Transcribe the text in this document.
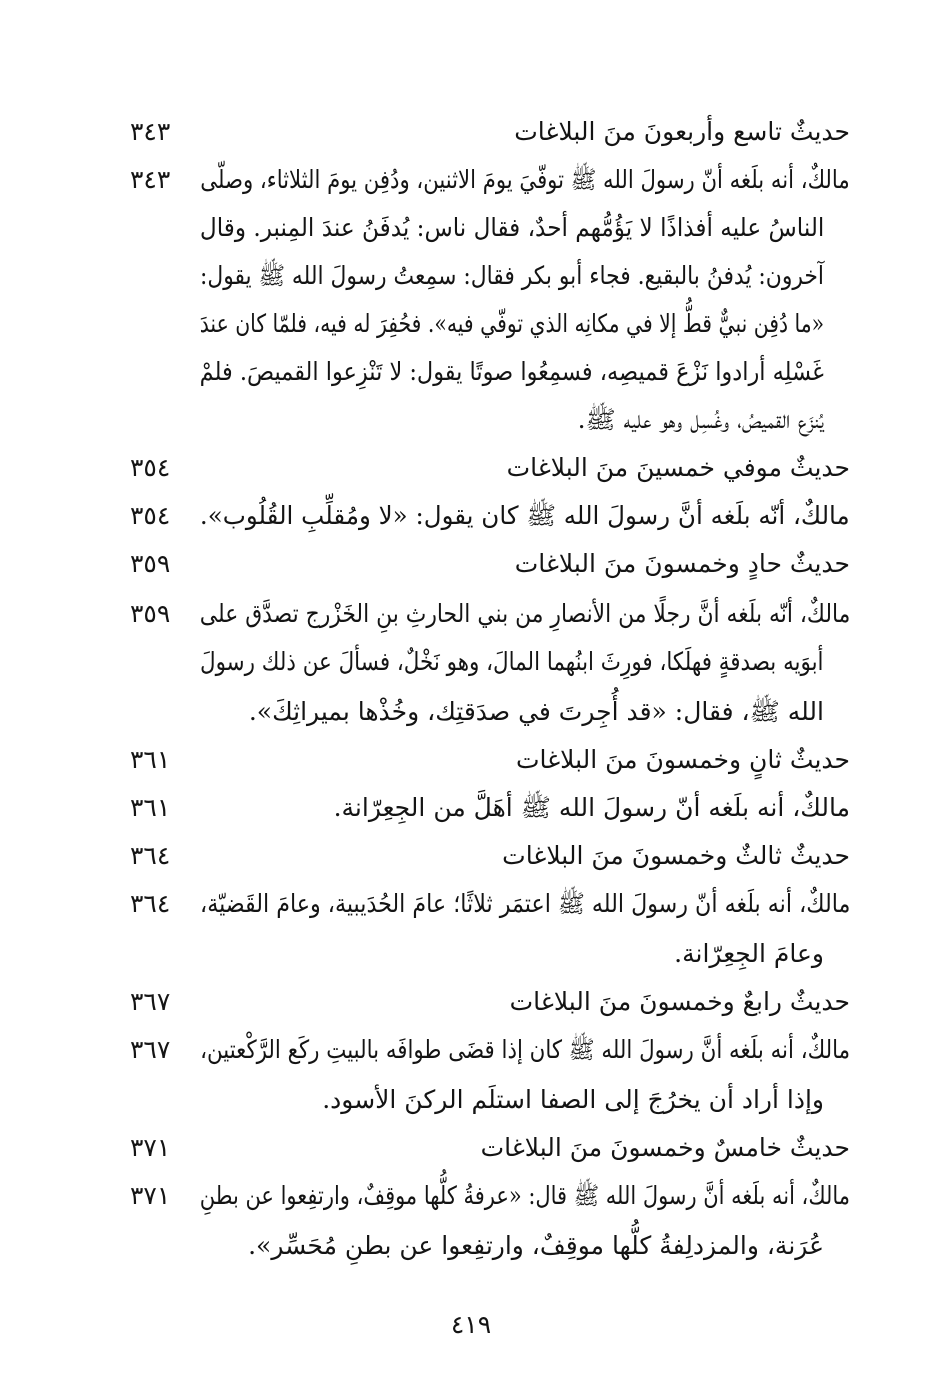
حديثٌ تاسع وأربعونَ منَ البلاغات
٣٤٣
مالكٌ، أنه بلَغه أنّ رسولَ الله ﷺ توفّيَ يومَ الاثنين، ودُفِن يومَ الثلاثاء، وصلّى
٣٤٣
الناسُ عليه أفذاذًا لا يَؤُمُّهم أحدٌ، فقال ناس: يُدفَنُ عندَ المِنبر. وقال
آخرون: يُدفنُ بالبقيع. فجاء أبو بكر فقال: سمِعتُ رسولَ الله ﷺ يقول:
«ما دُفِن نبيٌّ قطُّ إلا في مكانِه الذي توفّي فيه». فحُفِرَ له فيه، فلمّا كان عندَ
غَسْلِه أرادوا نَزْعَ قميصِه، فسمِعُوا صوتًا يقول: لا تَنْزِعوا القميصَ. فلمْ
يُنزَع القميصُ، وغُسِل وهو عليه ﷺ.
حديثٌ موفي خمسينَ منَ البلاغات
٣٥٤
مالكٌ، أنّه بلَغه أنَّ رسولَ الله ﷺ كان يقول: «لا ومُقلِّبِ القُلُوب».
٣٥٤
حديثٌ حادٍ وخمسونَ منَ البلاغات
٣٥٩
مالكٌ، أنّه بلَغه أنَّ رجلًا من الأنصارِ من بني الحارثِ بنِ الخَزْرج تصدَّق على
٣٥٩
أبوَيه بصدقةٍ فهلَكا، فورِثَ ابنُهما المالَ، وهو نَخْلٌ، فسألَ عن ذلك رسولَ
الله ﷺ، فقال: «قد أُجِرتَ في صدَقتِك، وخُذْها بميراثِكَ».
حديثٌ ثانٍ وخمسونَ منَ البلاغات
٣٦١
مالكٌ، أنه بلَغه أنّ رسولَ الله ﷺ أهَلَّ من الجِعِرّانة.
٣٦١
حديثٌ ثالثٌ وخمسونَ منَ البلاغات
٣٦٤
مالكٌ، أنه بلَغه أنّ رسولَ الله ﷺ اعتمَر ثلاثًا؛ عامَ الحُدَيبية، وعامَ القَضيّة،
٣٦٤
وعامَ الجِعِرّانة.
حديثٌ رابعٌ وخمسونَ منَ البلاغات
٣٦٧
مالكٌ، أنه بلَغه أنَّ رسولَ الله ﷺ كان إذا قضَى طوافَه بالبيتِ ركَع الرَّكْعتين،
٣٦٧
وإذا أراد أن يخرُجَ إلى الصفا استلَم الركنَ الأسود.
حديثٌ خامسٌ وخمسونَ منَ البلاغات
٣٧١
مالكٌ، أنه بلَغه أنَّ رسولَ الله ﷺ قال: «عرفةُ كلُّها موقِفٌ، وارتفِعوا عن بطنِ
٣٧١
عُرَنة، والمزدلِفةُ كلُّها موقِفٌ، وارتفِعوا عن بطنِ مُحَسِّر».
٤١٩
